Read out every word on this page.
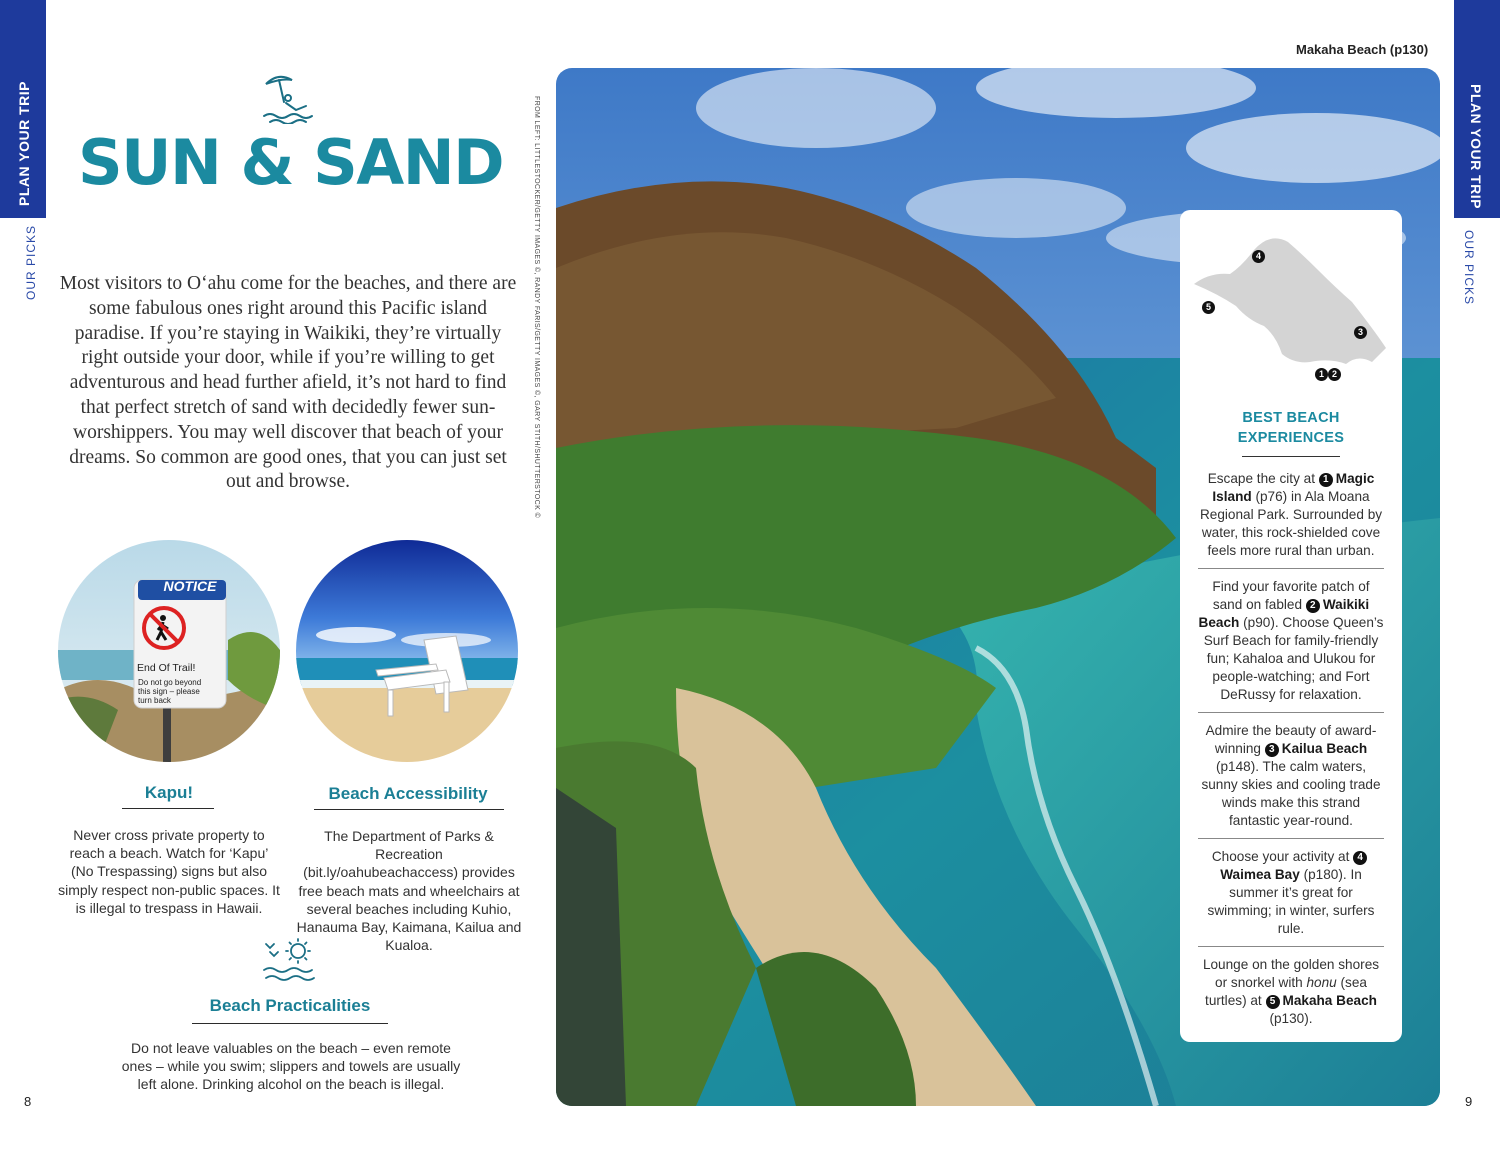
PLAN YOUR TRIP
OUR PICKS
PLAN YOUR TRIP
OUR PICKS
8	9
SUN & SAND

Most visitors to O‘ahu come for the beaches, and there are some fabulous ones right around this Pacific island paradise. If you’re staying in Waikiki, they’re virtually right outside your door, while if you’re willing to get adventurous and head further afield, it’s not hard to find that perfect stretch of sand with decidedly fewer sun-worshippers. You may well discover that beach of your dreams. So common are good ones, that you can just set out and browse.

NOTICE
End Of Trail!
Do not go beyond
this sign – please
turn back
Kapu!

Never cross private property to reach a beach. Watch for ‘Kapu’ (No Trespassing) signs but also simply respect non-public spaces. It is illegal to trespass in Hawaii.

Beach Accessibility

The Department of Parks & Recreation (bit.ly/oahubeachaccess) provides free beach mats and wheelchairs at several beaches including Kuhio, Hanauma Bay, Kaimana, Kailua and Kualoa.

Beach Practicalities

Do not leave valuables on the beach – even remote ones – while you swim; slippers and towels are usually left alone. Drinking alcohol on the beach is illegal.

FROM LEFT: LITTLESTOCKER/GETTY IMAGES ©, RANDY FARIS/GETTY IMAGES ©, GARY STITH/SHUTTERSTOCK ©
Makaha Beach (p130)
4
5
3
1 2
BEST BEACH
EXPERIENCES

Escape the city at 1 Magic Island (p76) in Ala Moana Regional Park. Surrounded by water, this rock-shielded cove feels more rural than urban.

Find your favorite patch of sand on fabled 2 Waikiki Beach (p90). Choose Queen’s Surf Beach for family-friendly fun; Kahaloa and Ulukou for people-watching; and Fort DeRussy for relaxation.

Admire the beauty of award-winning 3 Kailua Beach (p148). The calm waters, sunny skies and cooling trade winds make this strand fantastic year-round.

Choose your activity at 4Waimea Bay (p180). In summer it’s great for swimming; in winter, surfers rule.

Lounge on the golden shores or snorkel with honu (sea turtles) at 5 Makaha Beach (p130).
